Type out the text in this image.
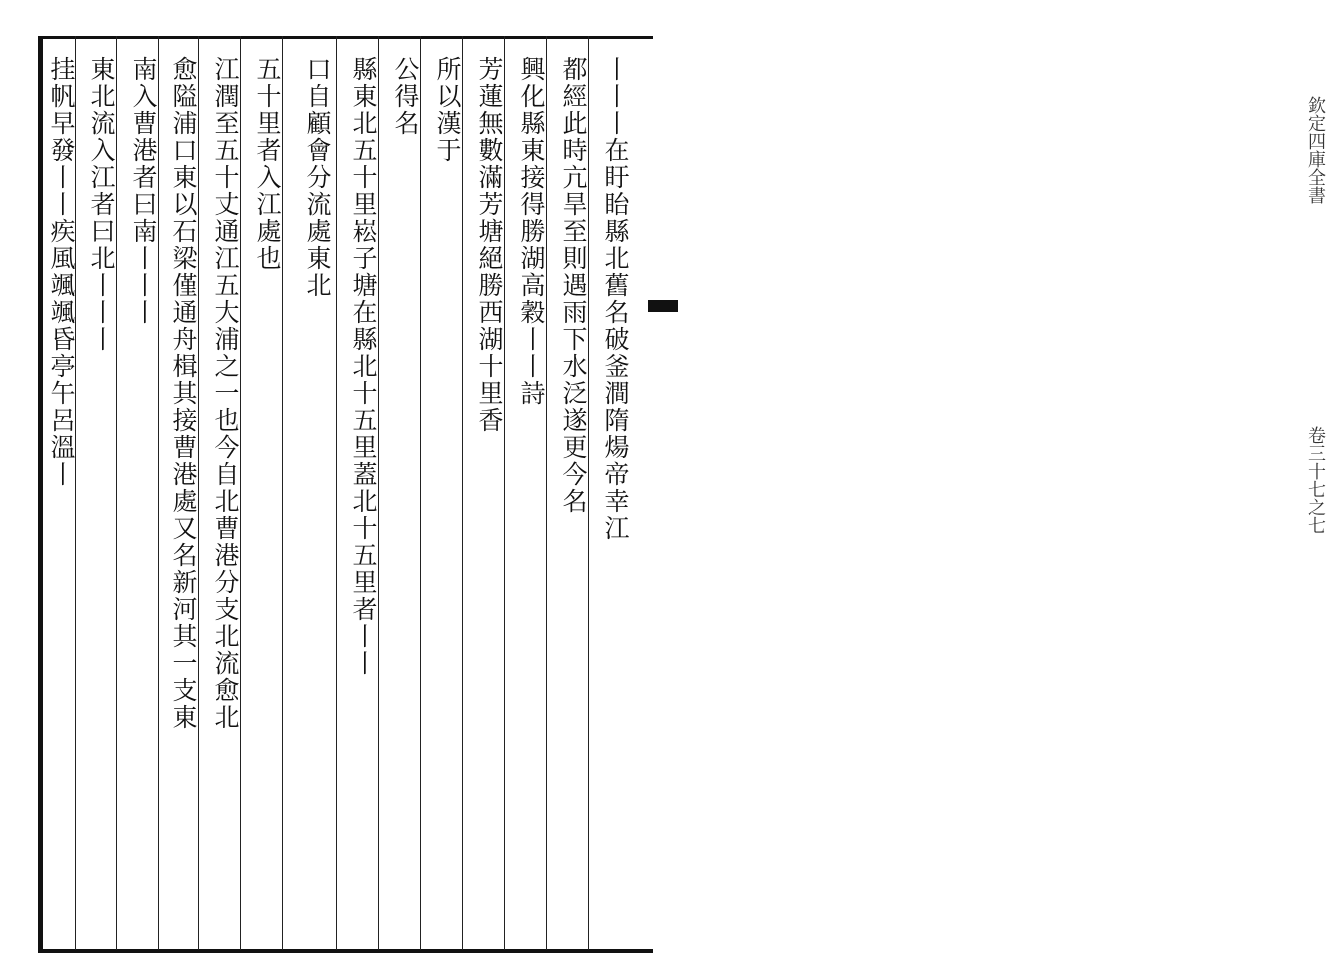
丨丨丨在盱眙縣北舊名破釜澗隋煬帝幸江
都經此時亢旱至則遇雨下水泛遂更今名
興化縣東接得勝湖高穀丨丨詩
芳蓮無數滿芳塘絕勝西湖十里香
所以漢于
公得名
縣東北五十里崧子塘在縣北十五里蓋北十五里者丨丨
口自顧會分流處東北
五十里者入江處也
江潤至五十丈通江五大浦之一也今自北曹港分支北流愈北
愈隘浦口東以石梁僅通舟楫其接曹港處又名新河其一支東
南入曹港者曰南丨丨丨
東北流入江者曰北丨丨丨
挂帆早發丨丨疾風颯颯昏亭午呂溫丨	欽定四庫全書
卷三十七之七
